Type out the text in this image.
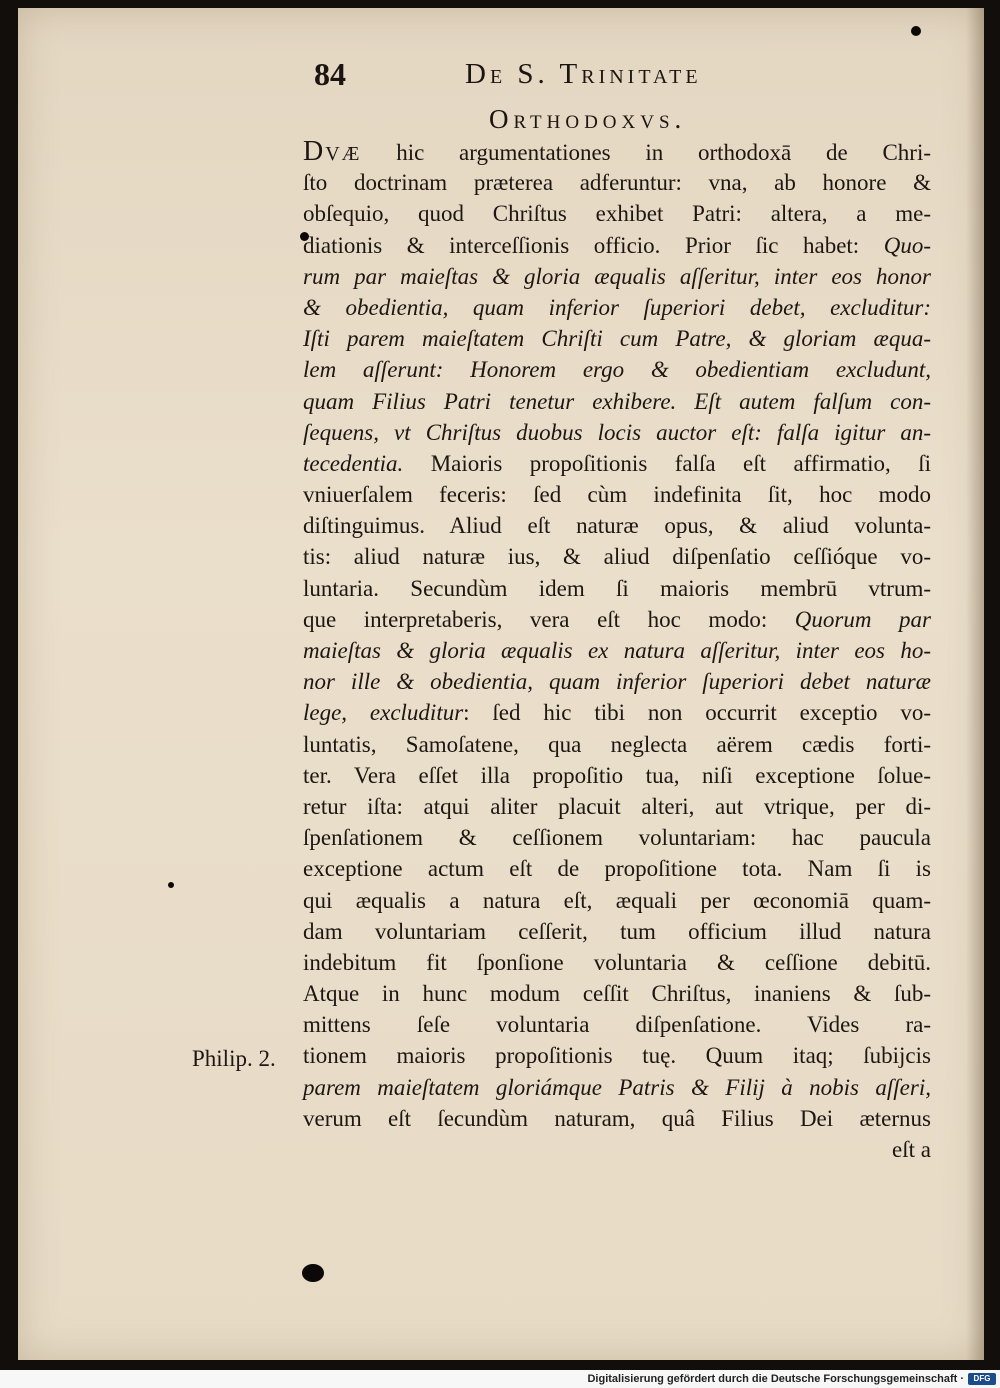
84	De S. Trinitate
Orthodoxvs.
Dvæ hic argumentationes in orthodoxā de Chri-
ſto doctrinam præterea adferuntur: vna, ab honore &
obſequio, quod Chriſtus exhibet Patri: altera, a me-
diationis & interceſſionis officio. Prior ſic habet: Quo-
rum par maieſtas & gloria æqualis aſſeritur, inter eos honor
& obedientia, quam inferior ſuperiori debet, excluditur:
Iſti parem maieſtatem Chriſti cum Patre, & gloriam æqua-
lem aſſerunt: Honorem ergo & obedientiam excludunt,
quam Filius Patri tenetur exhibere. Eſt autem falſum con-
ſequens, vt Chriſtus duobus locis auctor eſt: falſa igitur an-
tecedentia. Maioris propoſitionis falſa eſt affirmatio, ſi
vniuerſalem feceris: ſed cùm indefinita ſit, hoc modo
diſtinguimus. Aliud eſt naturæ opus, & aliud volunta-
tis: aliud naturæ ius, & aliud diſpenſatio ceſſióque vo-
luntaria. Secundùm idem ſi maioris membrū vtrum-
que interpretaberis, vera eſt hoc modo: Quorum par
maieſtas & gloria æqualis ex natura aſſeritur, inter eos ho-
nor ille & obedientia, quam inferior ſuperiori debet naturæ
lege, excluditur: ſed hic tibi non occurrit exceptio vo-
luntatis, Samoſatene, qua neglecta aërem cædis forti-
ter. Vera eſſet illa propoſitio tua, niſi exceptione ſolue-
retur iſta: atqui aliter placuit alteri, aut vtrique, per di-
ſpenſationem & ceſſionem voluntariam: hac paucula
exceptione actum eſt de propoſitione tota. Nam ſi is
qui æqualis a natura eſt, æquali per œconomiā quam-
dam voluntariam ceſſerit, tum officium illud natura
indebitum fit ſponſione voluntaria & ceſſione debitū.
Atque in hunc modum ceſſit Chriſtus, inaniens & ſub-
mittens ſeſe voluntaria diſpenſatione. Vides ra-
tionem maioris propoſitionis tuę. Quum itaq; ſubijcis
parem maieſtatem gloriámque Patris & Filij à nobis aſſeri,
verum eſt ſecundùm naturam, quâ Filius Dei æternus
eſt a
Philip. 2.
Digitalisierung gefördert durch die Deutsche Forschungsgemeinschaft ·	DFG
